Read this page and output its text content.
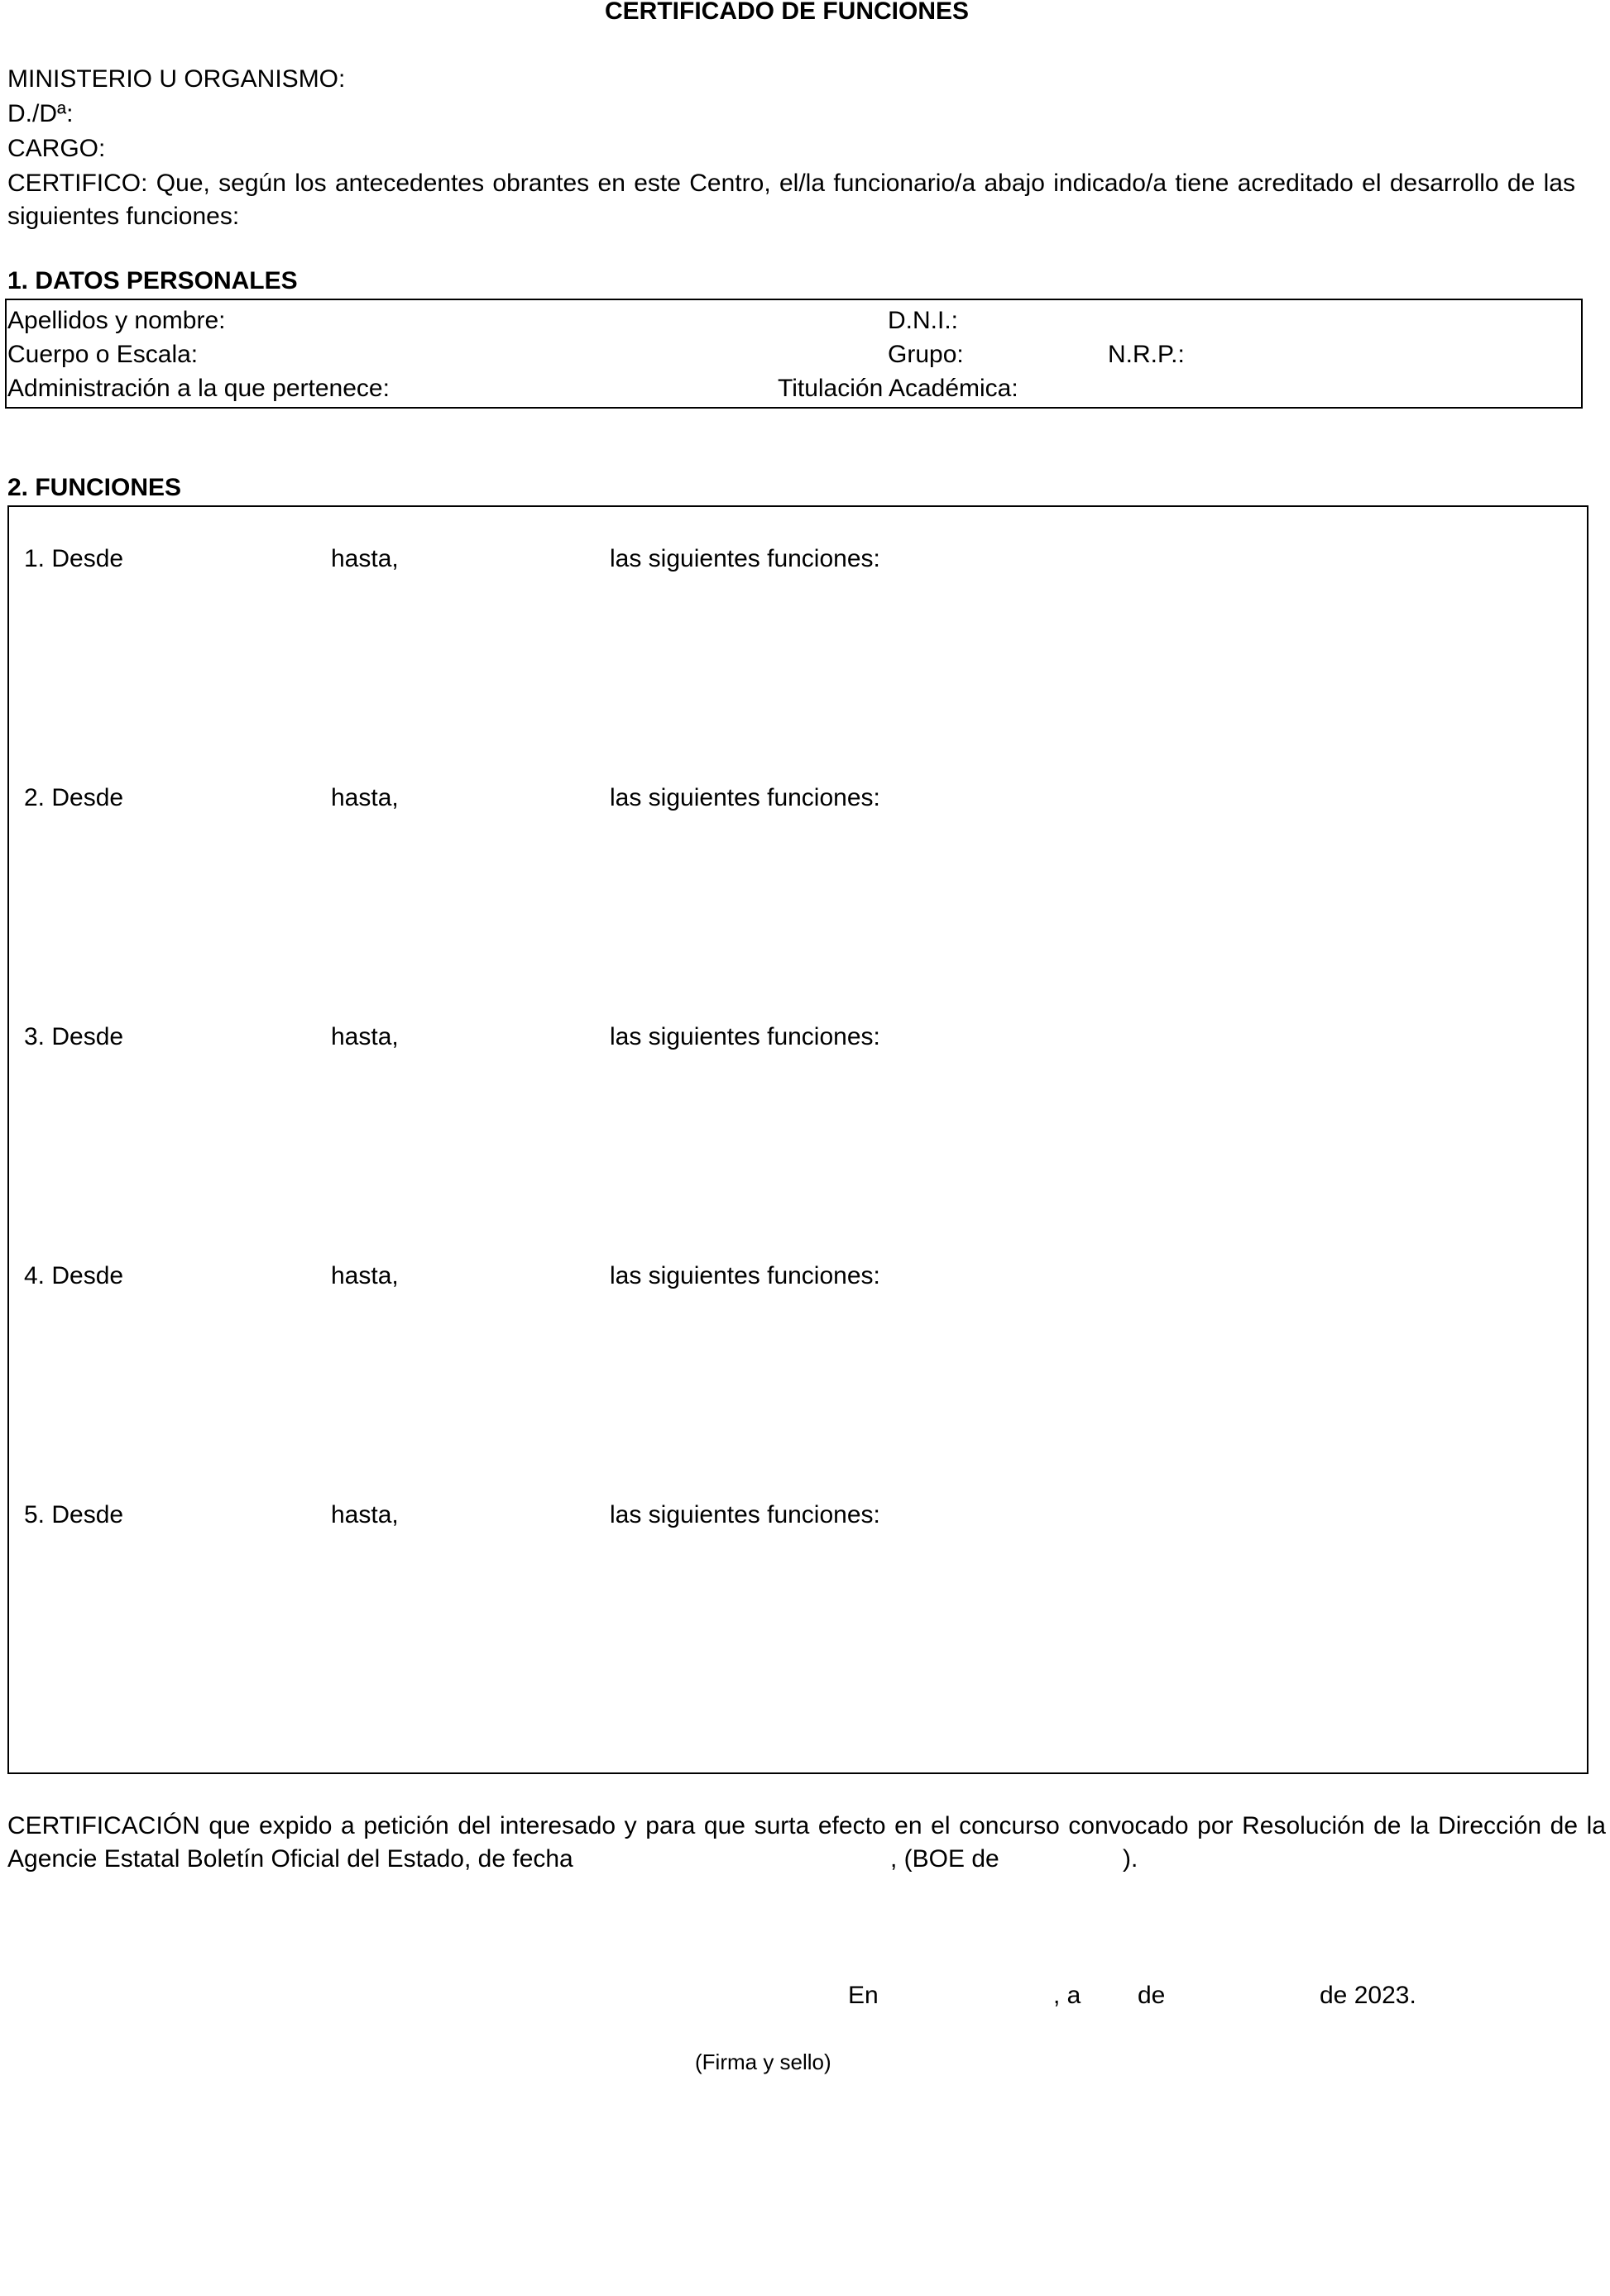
CERTIFICADO DE FUNCIONES
MINISTERIO U ORGANISMO:
D./Dª:
CARGO:
CERTIFICO: Que, según los antecedentes obrantes en este Centro, el/la funcionario/a abajo indicado/a tiene acreditado el desarrollo de las
siguientes funciones:
1. DATOS PERSONALES
Apellidos y nombre:	D.N.I.:
Cuerpo o Escala:	Grupo:	N.R.P.:
Administración a la que pertenece:	Titulación Académica:
2. FUNCIONES
1. Desde	hasta,	las siguientes funciones:
2. Desde	hasta,	las siguientes funciones:
3. Desde	hasta,	las siguientes funciones:
4. Desde	hasta,	las siguientes funciones:
5. Desde	hasta,	las siguientes funciones:
CERTIFICACIÓN que expido a petición del interesado y para que surta efecto en el concurso convocado por Resolución de la Dirección de la
Agencie Estatal Boletín Oficial del Estado, de fecha	, (BOE de	).
En	, a de	de 2023.
(Firma y sello)
